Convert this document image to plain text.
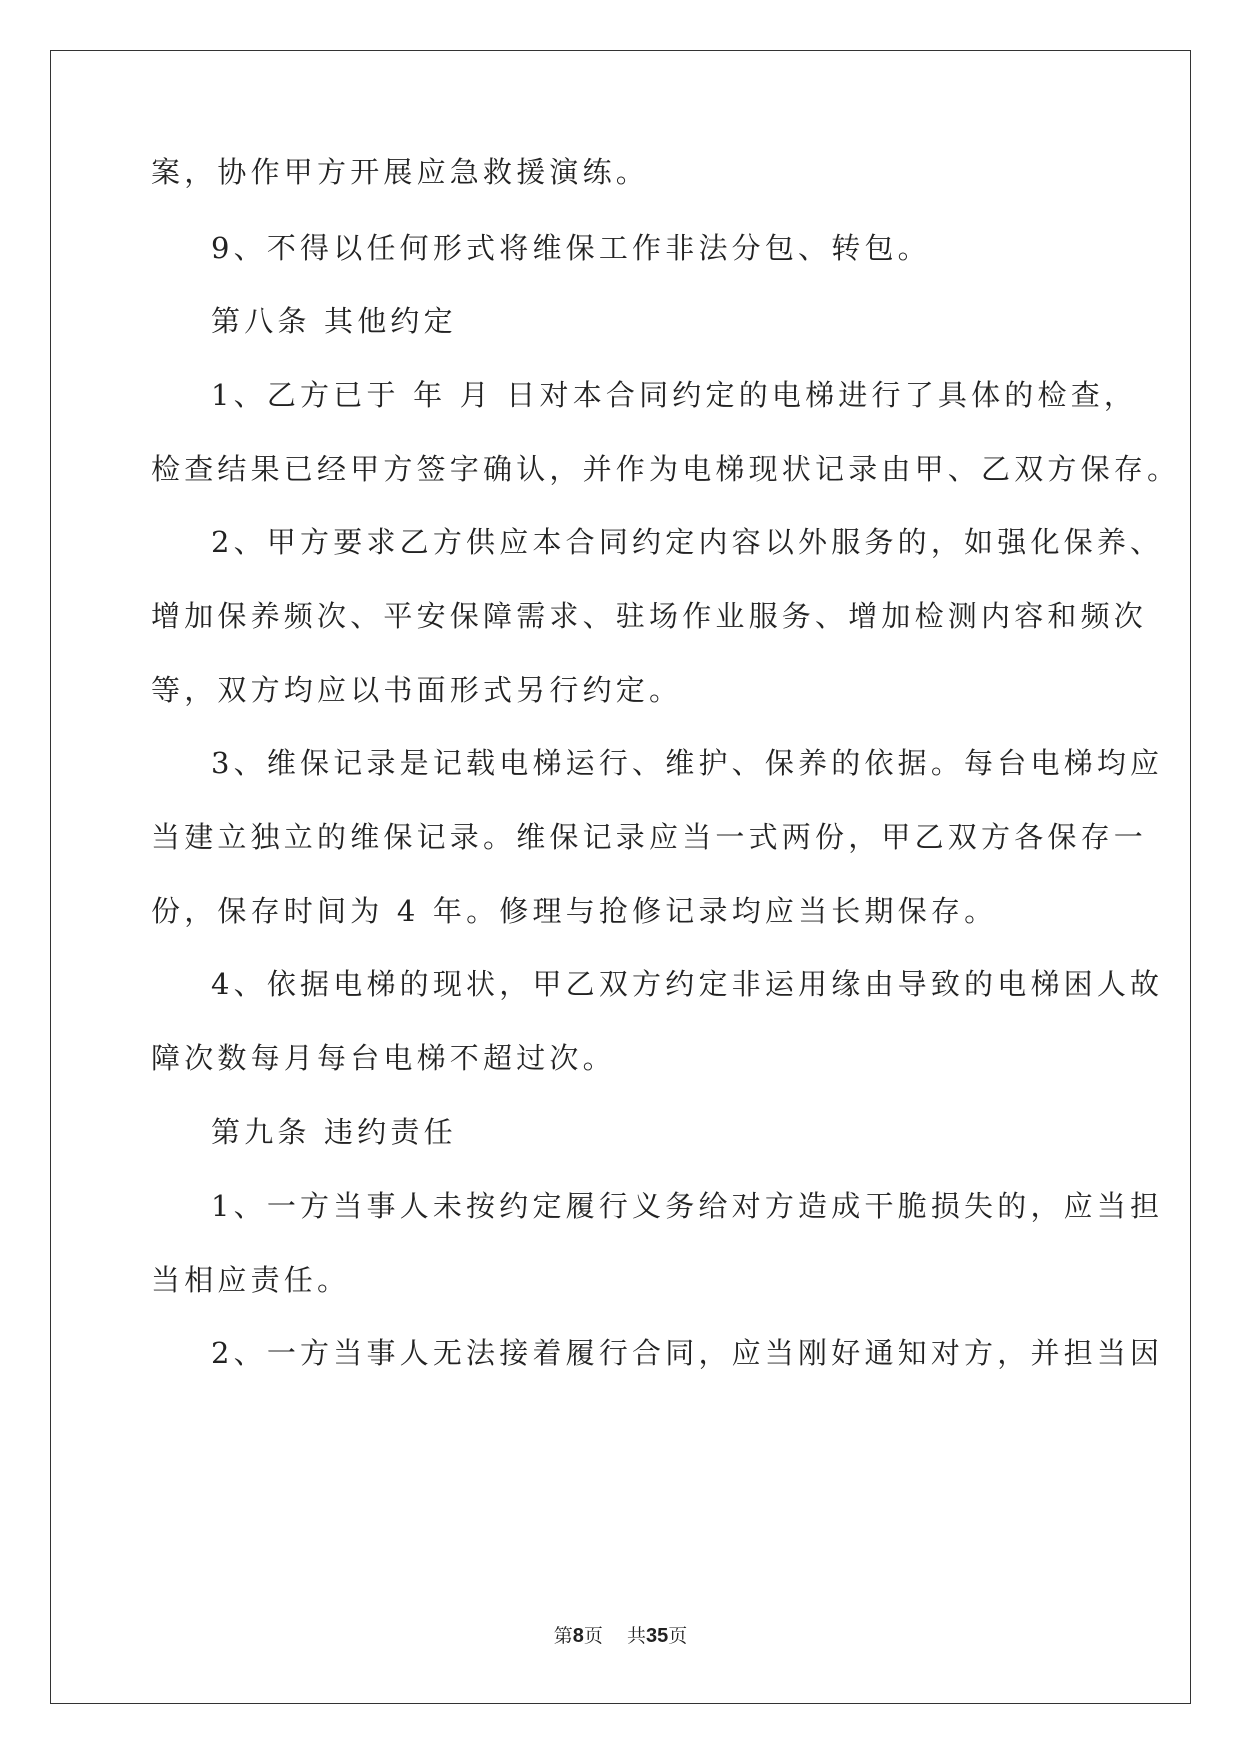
案，协作甲方开展应急救援演练。
9、不得以任何形式将维保工作非法分包、转包。
第八条 其他约定
1、乙方已于 年 月 日对本合同约定的电梯进行了具体的检查，
检查结果已经甲方签字确认，并作为电梯现状记录由甲、乙双方保存。
2、甲方要求乙方供应本合同约定内容以外服务的，如强化保养、
增加保养频次、平安保障需求、驻场作业服务、增加检测内容和频次
等，双方均应以书面形式另行约定。
3、维保记录是记载电梯运行、维护、保养的依据。每台电梯均应
当建立独立的维保记录。维保记录应当一式两份，甲乙双方各保存一
份，保存时间为 4 年。修理与抢修记录均应当长期保存。
4、依据电梯的现状，甲乙双方约定非运用缘由导致的电梯困人故
障次数每月每台电梯不超过次。
第九条 违约责任
1、一方当事人未按约定履行义务给对方造成干脆损失的，应当担
当相应责任。
2、一方当事人无法接着履行合同，应当刚好通知对方，并担当因
第8页 共35页
